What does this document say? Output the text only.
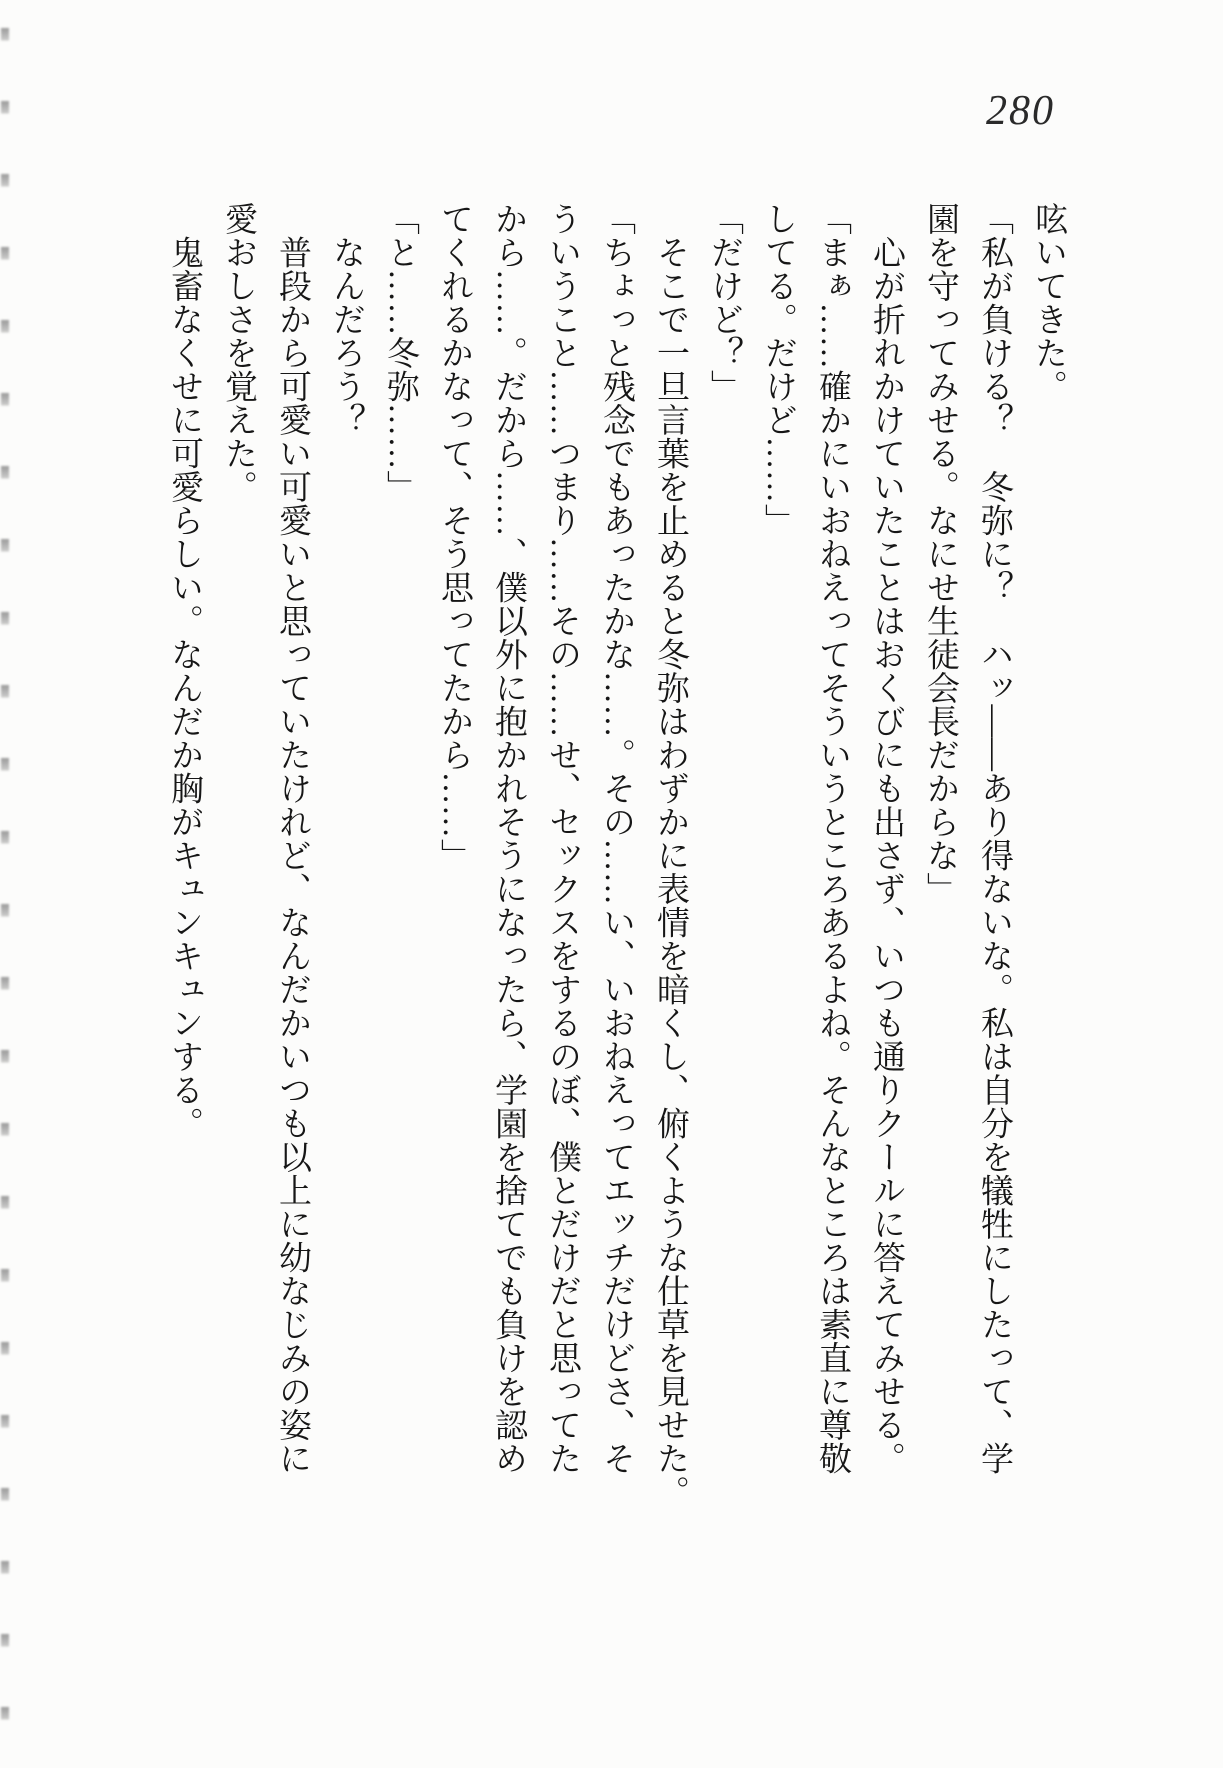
280

呟いてきた。

「私が負ける？　冬弥に？　ハッ――あり得ないな。私は自分を犠牲にしたって、学

園を守ってみせる。なにせ生徒会長だからな」

　心が折れかけていたことはおくびにも出さず、いつも通りクールに答えてみせる。

「まぁ……確かにいおねえってそういうところあるよね。そんなところは素直に尊敬

してる。だけど……」

「だけど？」

　そこで一旦言葉を止めると冬弥はわずかに表情を暗くし、俯くような仕草を見せた。

「ちょっと残念でもあったかな……。その……い、いおねえってエッチだけどさ、そ

ういうこと……つまり……その……せ、セックスをするのぼ、僕とだけだと思ってた

から……。だから……、僕以外に抱かれそうになったら、学園を捨てでも負けを認め

てくれるかなって、そう思ってたから……」

「と……冬弥……」

　なんだろう？

　普段から可愛い可愛いと思っていたけれど、なんだかいつも以上に幼なじみの姿に

愛おしさを覚えた。

　鬼畜なくせに可愛らしい。なんだか胸がキュンキュンする。
